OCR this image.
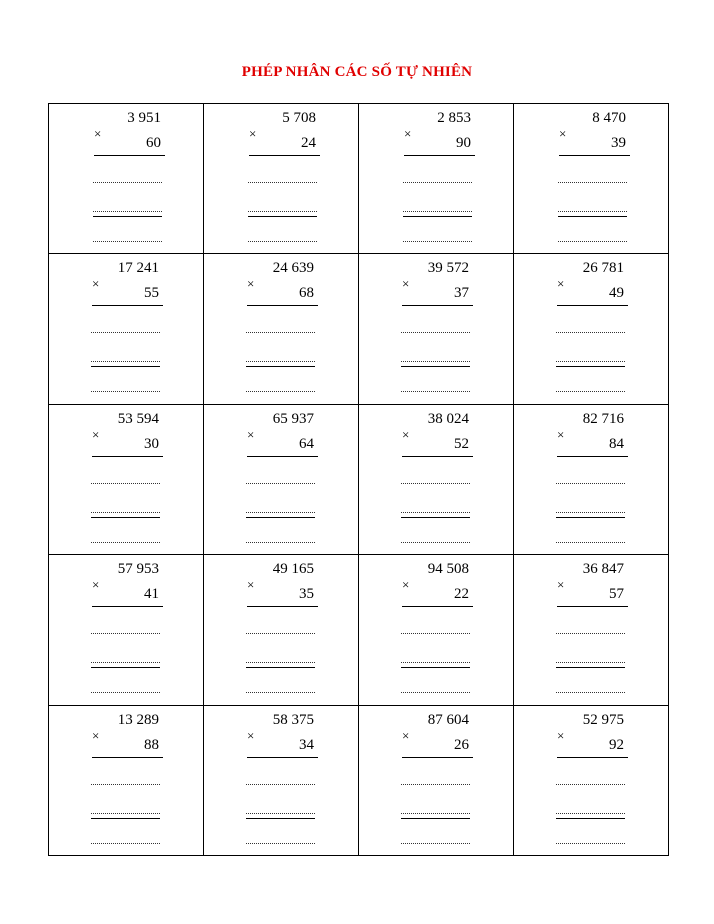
PHÉP NHÂN CÁC SỐ TỰ NHIÊN
×
3 951
60
×
5 708
24
×
2 853
90
×
8 470
39
×
17 241
55
×
24 639
68
×
39 572
37
×
26 781
49
×
53 594
30
×
65 937
64
×
38 024
52
×
82 716
84
×
57 953
41
×
49 165
35
×
94 508
22
×
36 847
57
×
13 289
88
×
58 375
34
×
87 604
26
×
52 975
92
